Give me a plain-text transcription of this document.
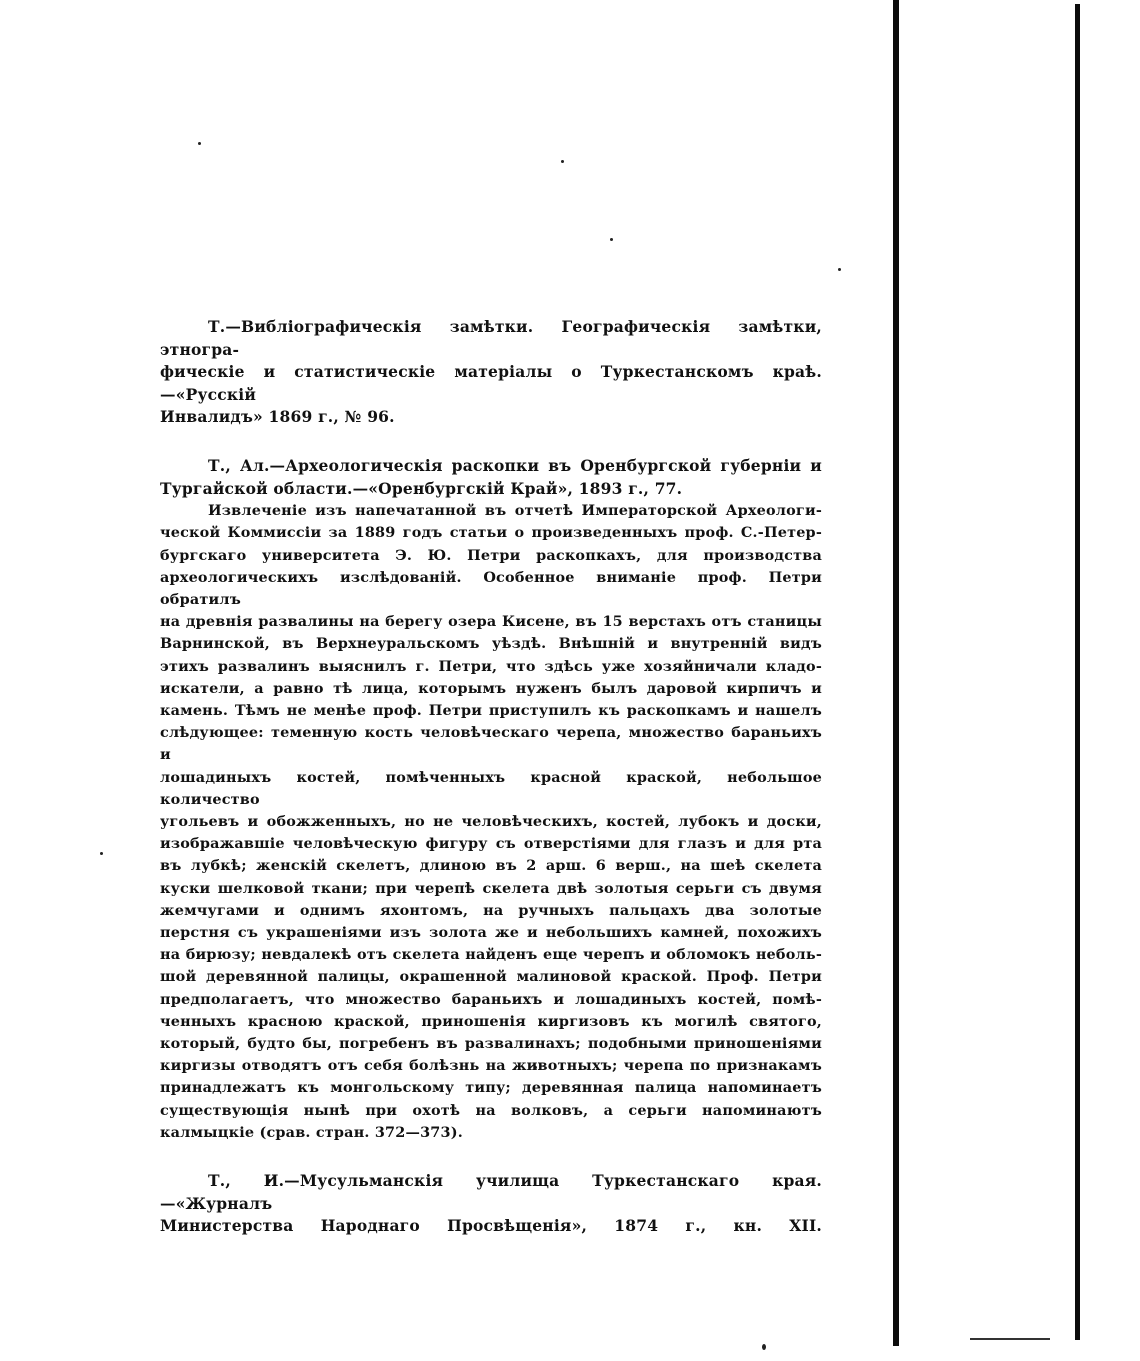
Т.—Вибліографическія замѣтки. Географическія замѣтки, этногра-

фическіе и статистическіе матеріалы о Туркестанскомъ краѣ.—«Русскій

Инвалидъ» 1869 г., № 96.

Т., Ал.—Археологическія раскопки въ Оренбургской губерніи и

Тургайской области.—«Оренбургскій Край», 1893 г., 77.

Извлеченіе изъ напечатанной въ отчетѣ Императорской Археологи-

ческой Коммиссіи за 1889 годъ статьи о произведенныхъ проф. С.-Петер-

бургскаго университета Э. Ю. Петри раскопкахъ, для производства

археологическихъ изслѣдованій. Особенное вниманіе проф. Петри обратилъ

на древнія развалины на берегу озера Кисене, въ 15 верстахъ отъ станицы

Варнинской, въ Верхнеуральскомъ уѣздѣ. Внѣшній и внутренній видъ

этихъ развалинъ выяснилъ г. Петри, что здѣсь уже хозяйничали кладо-

искатели, а равно тѣ лица, которымъ нуженъ былъ даровой кирпичъ и

камень. Тѣмъ не менѣе проф. Петри приступилъ къ раскопкамъ и нашелъ

слѣдующее: теменную кость человѣческаго черепа, множество бараньихъ и

лошадиныхъ костей, помѣченныхъ красной краской, небольшое количество

угольевъ и обожженныхъ, но не человѣческихъ, костей, лубокъ и доски,

изображавшіе человѣческую фигуру съ отверстіями для глазъ и для рта

въ лубкѣ; женскій скелетъ, длиною въ 2 арш. 6 верш., на шеѣ скелета

куски шелковой ткани; при черепѣ скелета двѣ золотыя серьги съ двумя

жемчугами и однимъ яхонтомъ, на ручныхъ пальцахъ два золотые

перстня съ украшеніями изъ золота же и небольшихъ камней, похожихъ

на бирюзу; невдалекѣ отъ скелета найденъ еще черепъ и обломокъ неболь-

шой деревянной палицы, окрашенной малиновой краской. Проф. Петри

предполагаетъ, что множество бараньихъ и лошадиныхъ костей, помѣ-

ченныхъ красною краской, приношенія киргизовъ къ могилѣ святого,

который, будто бы, погребенъ въ развалинахъ; подобными приношеніями

киргизы отводятъ отъ себя болѣзнь на животныхъ; черепа по признакамъ

принадлежатъ къ монгольскому типу; деревянная палица напоминаетъ

существующія нынѣ при охотѣ на волковъ, а серьги напоминаютъ

калмыцкіе (срав. стран. 372—373).

Т., И.—Мусульманскія училища Туркестанскаго края.—«Журналъ

Министерства Народнаго Просвѣщенія», 1874 г., кн. XII.
